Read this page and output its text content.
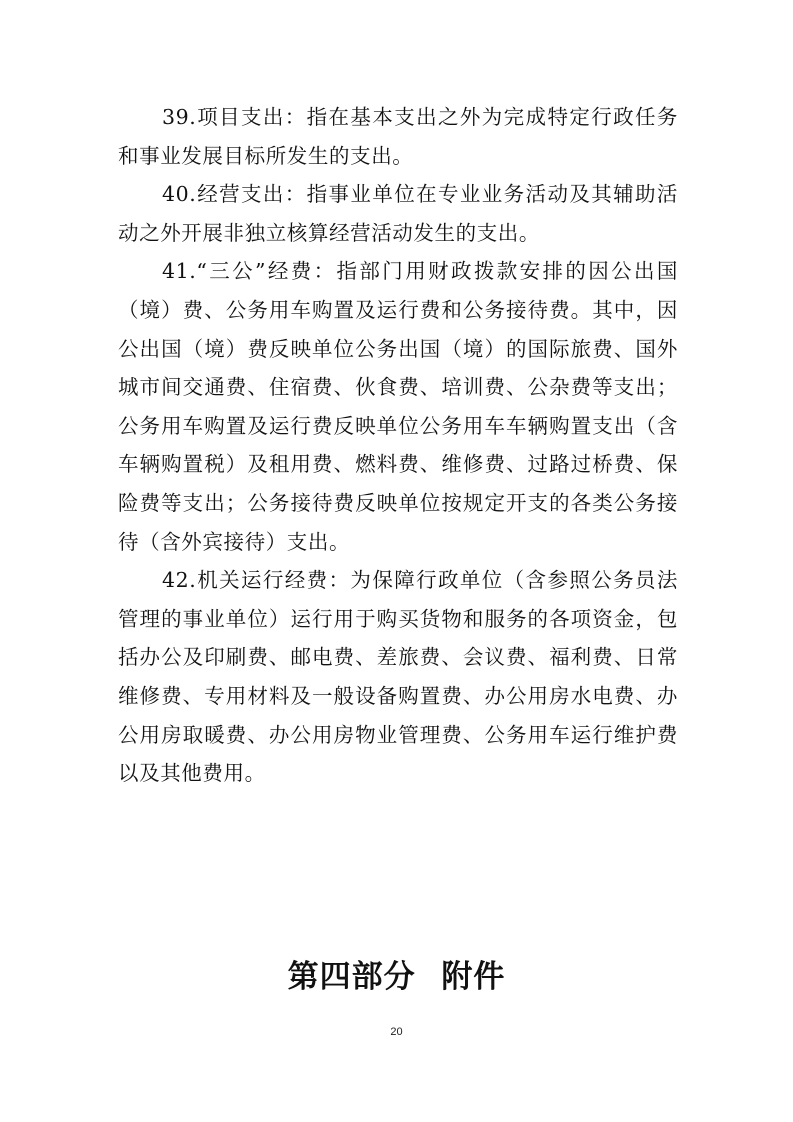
39.项目支出：指在基本支出之外为完成特定行政任务和事业发展目标所发生的支出。

40.经营支出：指事业单位在专业业务活动及其辅助活动之外开展非独立核算经营活动发生的支出。

41.“三公”经费：指部门用财政拨款安排的因公出国（境）费、公务用车购置及运行费和公务接待费。其中，因公出国（境）费反映单位公务出国（境）的国际旅费、国外城市间交通费、住宿费、伙食费、培训费、公杂费等支出；公务用车购置及运行费反映单位公务用车车辆购置支出（含车辆购置税）及租用费、燃料费、维修费、过路过桥费、保险费等支出；公务接待费反映单位按规定开支的各类公务接待（含外宾接待）支出。

42.机关运行经费：为保障行政单位（含参照公务员法管理的事业单位）运行用于购买货物和服务的各项资金，包括办公及印刷费、邮电费、差旅费、会议费、福利费、日常维修费、专用材料及一般设备购置费、办公用房水电费、办公用房取暖费、办公用房物业管理费、公务用车运行维护费以及其他费用。

第四部分 附件
20
